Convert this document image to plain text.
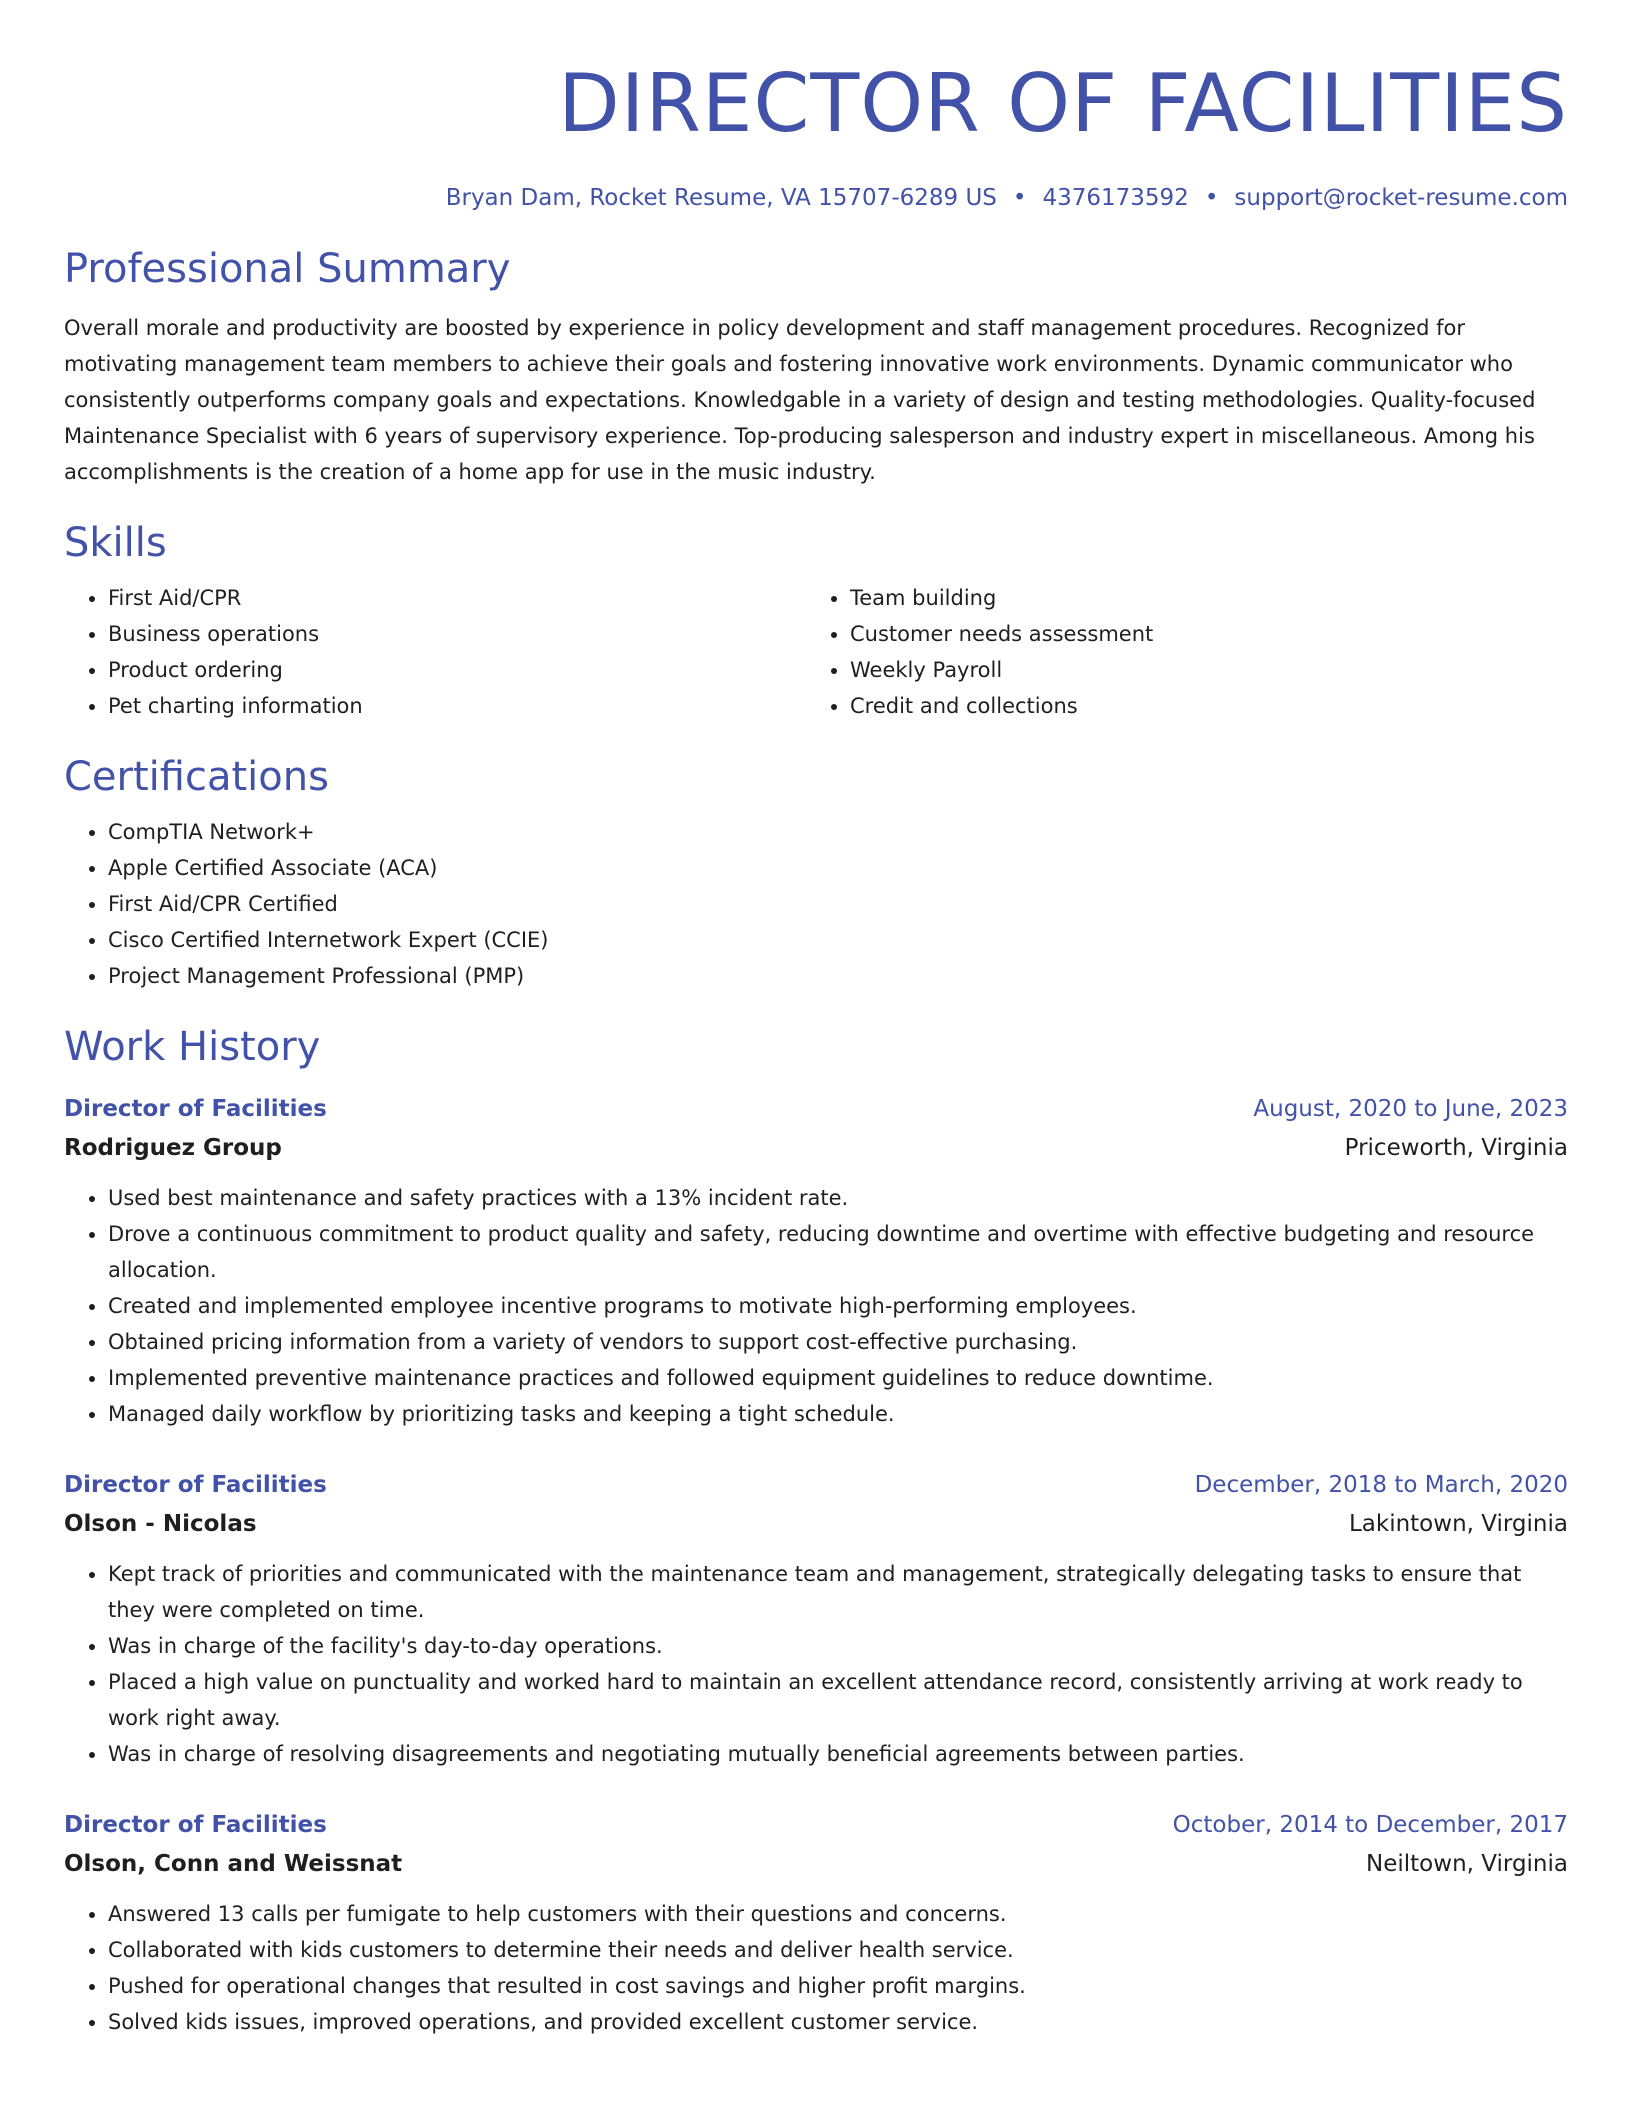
DIRECTOR OF FACILITIES
Bryan Dam, Rocket Resume, VA 15707-6289 US • 4376173592 • support@rocket-resume.com
Professional Summary
Overall morale and productivity are boosted by experience in policy development and staff management procedures. Recognized for motivating management team members to achieve their goals and fostering innovative work environments. Dynamic communicator who consistently outperforms company goals and expectations. Knowledgable in a variety of design and testing methodologies. Quality-focused Maintenance Specialist with 6 years of supervisory experience. Top-producing salesperson and industry expert in miscellaneous. Among his accomplishments is the creation of a home app for use in the music industry.
Skills
• First Aid/CPR
• Business operations
• Product ordering
• Pet charting information
• Team building
• Customer needs assessment
• Weekly Payroll
• Credit and collections
Certifications
• CompTIA Network+
• Apple Certified Associate (ACA)
• First Aid/CPR Certified
• Cisco Certified Internetwork Expert (CCIE)
• Project Management Professional (PMP)
Work History
Director of Facilities	August, 2020 to June, 2023
Rodriguez Group	Priceworth, Virginia
• Used best maintenance and safety practices with a 13% incident rate.
• Drove a continuous commitment to product quality and safety, reducing downtime and overtime with effective budgeting and resource allocation.
• Created and implemented employee incentive programs to motivate high-performing employees.
• Obtained pricing information from a variety of vendors to support cost-effective purchasing.
• Implemented preventive maintenance practices and followed equipment guidelines to reduce downtime.
• Managed daily workflow by prioritizing tasks and keeping a tight schedule.
Director of Facilities	December, 2018 to March, 2020
Olson - Nicolas	Lakintown, Virginia
• Kept track of priorities and communicated with the maintenance team and management, strategically delegating tasks to ensure that they were completed on time.
• Was in charge of the facility's day-to-day operations.
• Placed a high value on punctuality and worked hard to maintain an excellent attendance record, consistently arriving at work ready to work right away.
• Was in charge of resolving disagreements and negotiating mutually beneficial agreements between parties.
Director of Facilities	October, 2014 to December, 2017
Olson, Conn and Weissnat	Neiltown, Virginia
• Answered 13 calls per fumigate to help customers with their questions and concerns.
• Collaborated with kids customers to determine their needs and deliver health service.
• Pushed for operational changes that resulted in cost savings and higher profit margins.
• Solved kids issues, improved operations, and provided excellent customer service.
